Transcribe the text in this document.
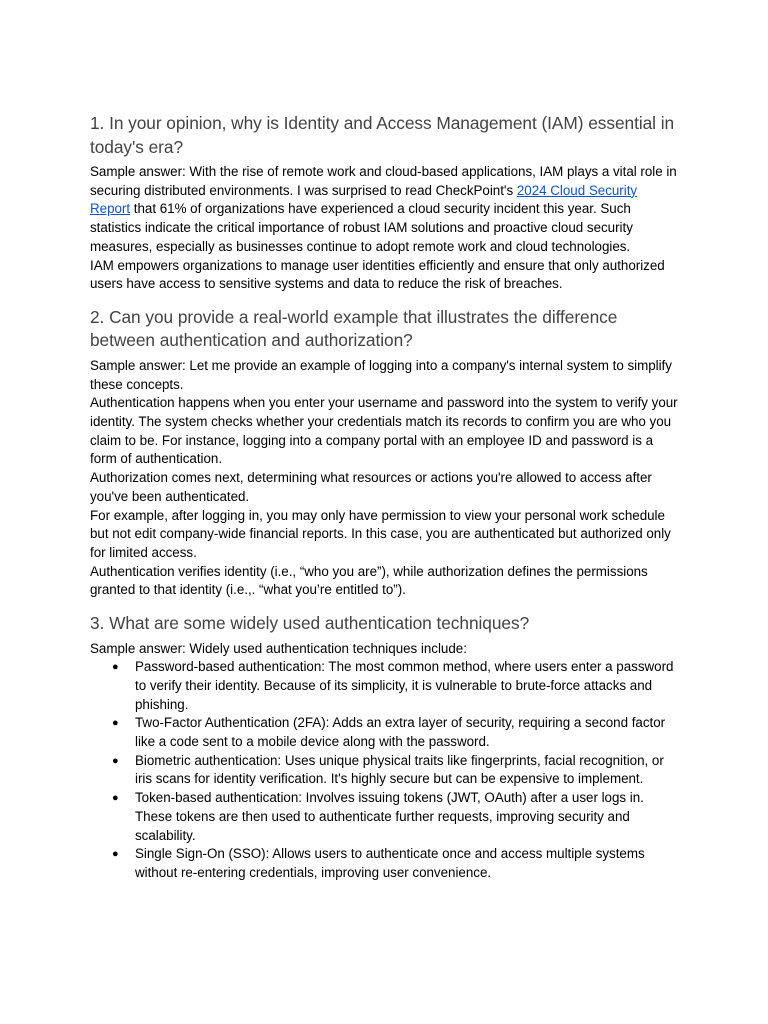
1. In your opinion, why is Identity and Access Management (IAM) essential in today's era?

Sample answer: With the rise of remote work and cloud-based applications, IAM plays a vital role in securing distributed environments. I was surprised to read CheckPoint's 2024 Cloud Security Report that 61% of organizations have experienced a cloud security incident this year. Such statistics indicate the critical importance of robust IAM solutions and proactive cloud security measures, especially as businesses continue to adopt remote work and cloud technologies.

IAM empowers organizations to manage user identities efficiently and ensure that only authorized users have access to sensitive systems and data to reduce the risk of breaches.

2. Can you provide a real-world example that illustrates the difference between authentication and authorization?

Sample answer: Let me provide an example of logging into a company's internal system to simplify these concepts.

Authentication happens when you enter your username and password into the system to verify your identity. The system checks whether your credentials match its records to confirm you are who you claim to be. For instance, logging into a company portal with an employee ID and password is a form of authentication.

Authorization comes next, determining what resources or actions you're allowed to access after you've been authenticated.

For example, after logging in, you may only have permission to view your personal work schedule but not edit company-wide financial reports. In this case, you are authenticated but authorized only for limited access.

Authentication verifies identity (i.e., “who you are”), while authorization defines the permissions granted to that identity (i.e.,. “what you’re entitled to”).

3. What are some widely used authentication techniques?

Sample answer: Widely used authentication techniques include:

● Password-based authentication: The most common method, where users enter a password to verify their identity. Because of its simplicity, it is vulnerable to brute-force attacks and phishing.
● Two-Factor Authentication (2FA): Adds an extra layer of security, requiring a second factor like a code sent to a mobile device along with the password.
● Biometric authentication: Uses unique physical traits like fingerprints, facial recognition, or iris scans for identity verification. It's highly secure but can be expensive to implement.
● Token-based authentication: Involves issuing tokens (JWT, OAuth) after a user logs in. These tokens are then used to authenticate further requests, improving security and scalability.
● Single Sign-On (SSO): Allows users to authenticate once and access multiple systems without re-entering credentials, improving user convenience.
